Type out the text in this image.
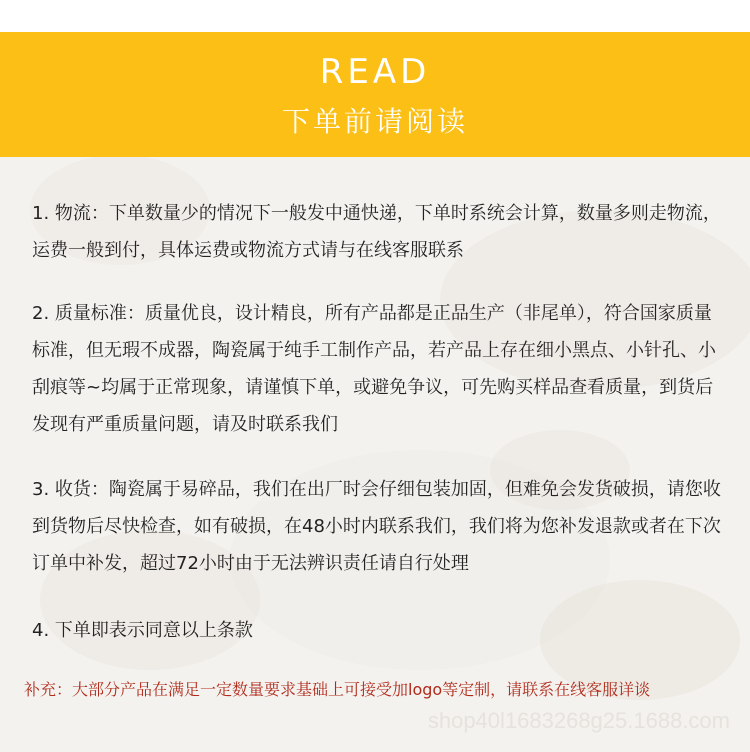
READ
下单前请阅读

1. 物流：下单数量少的情况下一般发中通快递，下单时系统会计算，数量多则走物流，运费一般到付，具体运费或物流方式请与在线客服联系

2. 质量标准：质量优良，设计精良，所有产品都是正品生产（非尾单），符合国家质量标准，但无瑕不成器，陶瓷属于纯手工制作产品，若产品上存在细小黑点、小针孔、小刮痕等~均属于正常现象，请谨慎下单，或避免争议，可先购买样品查看质量，到货后发现有严重质量问题，请及时联系我们

3. 收货：陶瓷属于易碎品，我们在出厂时会仔细包装加固，但难免会发货破损，请您收到货物后尽快检查，如有破损，在48小时内联系我们，我们将为您补发退款或者在下次订单中补发，超过72小时由于无法辨识责任请自行处理

4. 下单即表示同意以上条款

补充：大部分产品在满足一定数量要求基础上可接受加logo等定制，请联系在线客服详谈
shop40l1683268g25.1688.com
